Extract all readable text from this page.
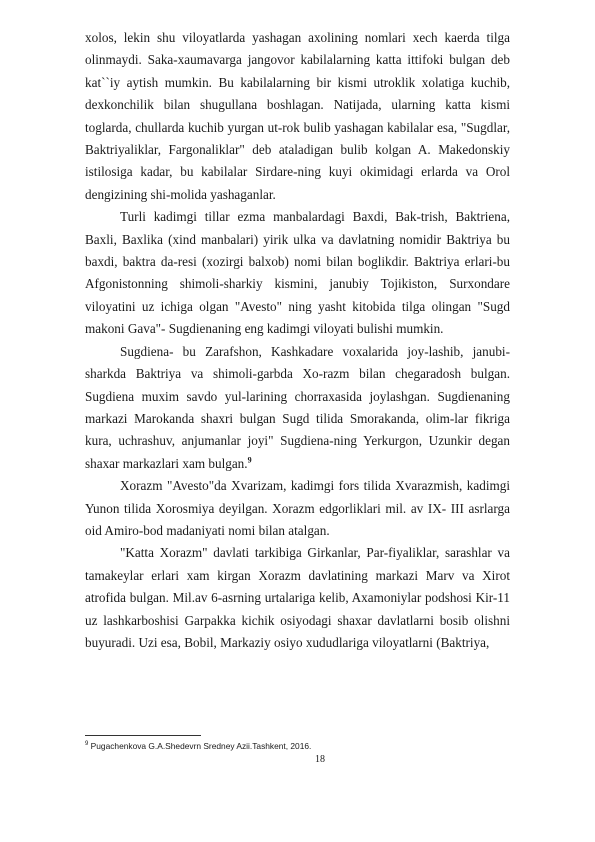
xolos, lekin shu viloyatlarda yashagan axolining nomlari xech kaerda tilga olinmaydi. Saka-xaumavarga jangovor kabilalarning katta ittifoki bulgan deb kat``iy aytish mumkin. Bu kabilalarning bir kismi utroklik xolatiga kuchib, dexkonchilik bilan shugullana boshlagan. Natijada, ularning katta kismi toglarda, chullarda kuchib yurgan ut-rok bulib yashagan kabilalar esa, "Sugdlar, Baktriyaliklar, Fargonaliklar" deb ataladigan bulib kolgan A. Makedonskiy istilosiga kadar, bu kabilalar Sirdare-ning kuyi okimidagi erlarda va Orol dengizining shi-molida yashaganlar.

Turli kadimgi tillar ezma manbalardagi Baxdi, Bak-trish, Baktriena, Baxli, Baxlika (xind manbalari) yirik ulka va davlatning nomidir Baktriya bu baxdi, baktra da-resi (xozirgi balxob) nomi bilan boglikdir. Baktriya erlari-bu Afgonistonning shimoli-sharkiy kismini, janubiy Tojikiston, Surxondare viloyatini uz ichiga olgan "Avesto" ning yasht kitobida tilga olingan "Sugd makoni Gava"- Sugdienaning eng kadimgi viloyati bulishi mumkin.

Sugdiena- bu Zarafshon, Kashkadare voxalarida joy-lashib, janubi-sharkda Baktriya va shimoli-garbda Xo-razm bilan chegaradosh bulgan. Sugdiena muxim savdo yul-larining chorraxasida joylashgan. Sugdienaning markazi Marokanda shaxri bulgan Sugd tilida Smorakanda, olim-lar fikriga kura, uchrashuv, anjumanlar joyi" Sugdiena-ning Yerkurgon, Uzunkir degan shaxar markazlari xam bulgan.$^9$

Xorazm "Avesto"da Xvarizam, kadimgi fors tilida Xvarazmish, kadimgi Yunon tilida Xorosmiya deyilgan. Xorazm edgorliklari mil. av IX- III asrlarga oid Amiro-bod madaniyati nomi bilan atalgan.

"Katta Xorazm" davlati tarkibiga Girkanlar, Par-fiyaliklar, sarashlar va tamakeylar erlari xam kirgan Xorazm davlatining markazi Marv va Xirot atrofida bulgan. Mil.av 6-asrning urtalariga kelib, Axamoniylar podshosi Kir-11 uz lashkarboshisi Garpakka kichik osiyodagi shaxar davlatlarni bosib olishni buyuradi. Uzi esa, Bobil, Markaziy osiyo xududlariga viloyatlarni (Baktriya,

$^9$ Pugachenkova G.A.Shedevrn Sredney Azii.Tashkent, 2016.
18
